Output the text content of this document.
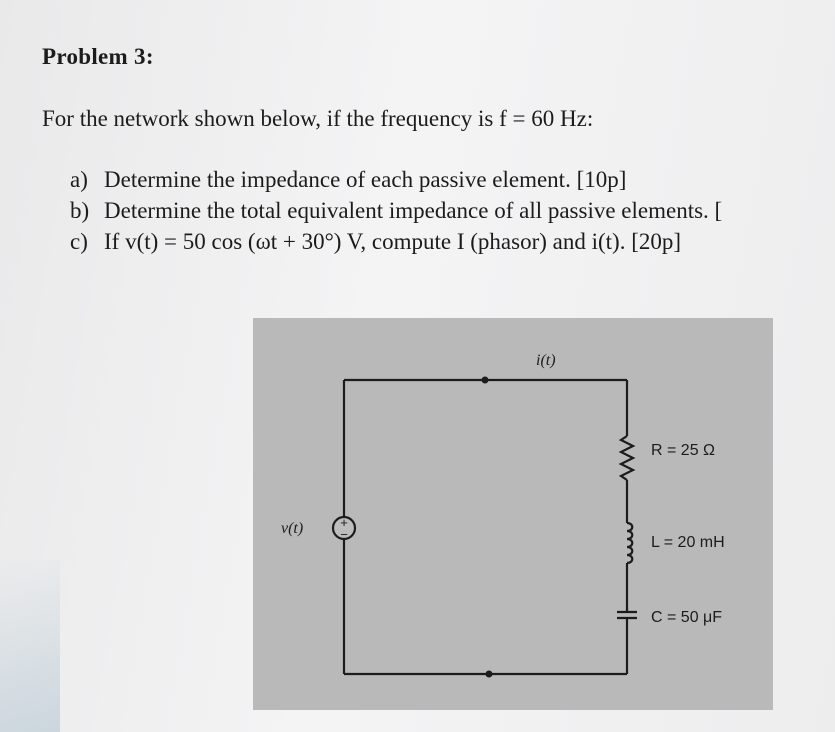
Problem 3:
For the network shown below, if the frequency is f = 60 Hz:
a) Determine the impedance of each passive element. [10p]
b) Determine the total equivalent impedance of all passive elements. [
c) If v(t) = 50 cos (ωt + 30°) V, compute I (phasor) and i(t). [20p]
+
−
i(t)
v(t)
R = 25 Ω
L = 20 mH
C = 50 μF
